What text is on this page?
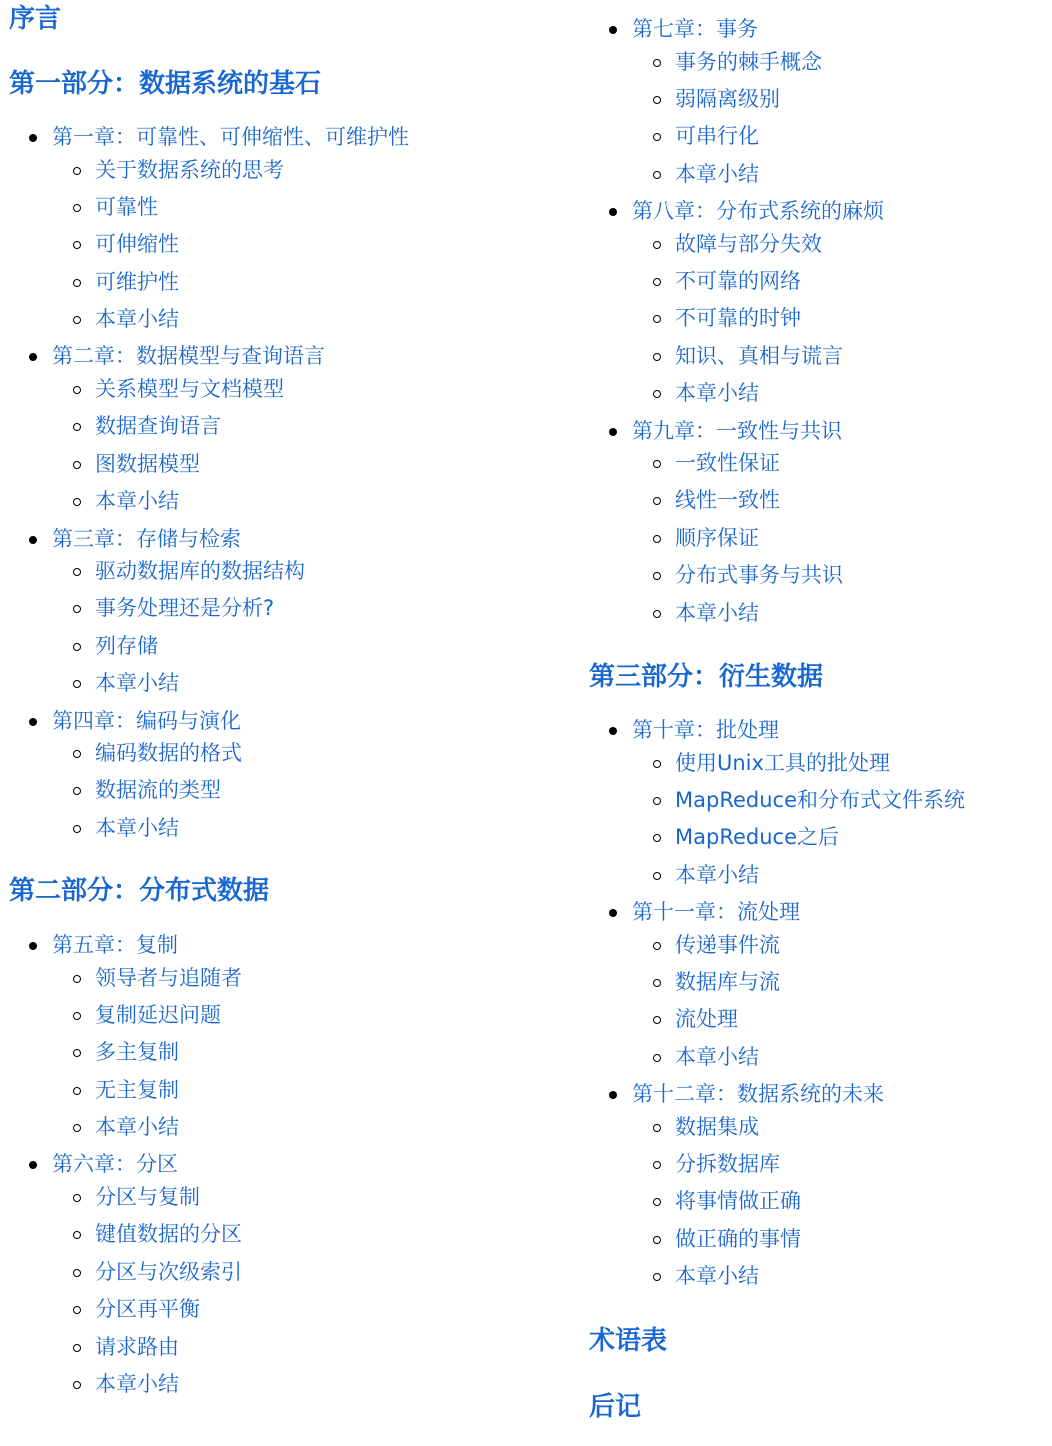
序言
第一部分：数据系统的基石
第一章：可靠性、可伸缩性、可维护性
关于数据系统的思考
可靠性
可伸缩性
可维护性
本章小结
第二章：数据模型与查询语言
关系模型与文档模型
数据查询语言
图数据模型
本章小结
第三章：存储与检索
驱动数据库的数据结构
事务处理还是分析?
列存储
本章小结
第四章：编码与演化
编码数据的格式
数据流的类型
本章小结
第二部分：分布式数据
第五章：复制
领导者与追随者
复制延迟问题
多主复制
无主复制
本章小结
第六章：分区
分区与复制
键值数据的分区
分区与次级索引
分区再平衡
请求路由
本章小结
第七章：事务
事务的棘手概念
弱隔离级别
可串行化
本章小结
第八章：分布式系统的麻烦
故障与部分失效
不可靠的网络
不可靠的时钟
知识、真相与谎言
本章小结
第九章：一致性与共识
一致性保证
线性一致性
顺序保证
分布式事务与共识
本章小结
第三部分：衍生数据
第十章：批处理
使用Unix工具的批处理
MapReduce和分布式文件系统
MapReduce之后
本章小结
第十一章：流处理
传递事件流
数据库与流
流处理
本章小结
第十二章：数据系统的未来
数据集成
分拆数据库
将事情做正确
做正确的事情
本章小结
术语表
后记
